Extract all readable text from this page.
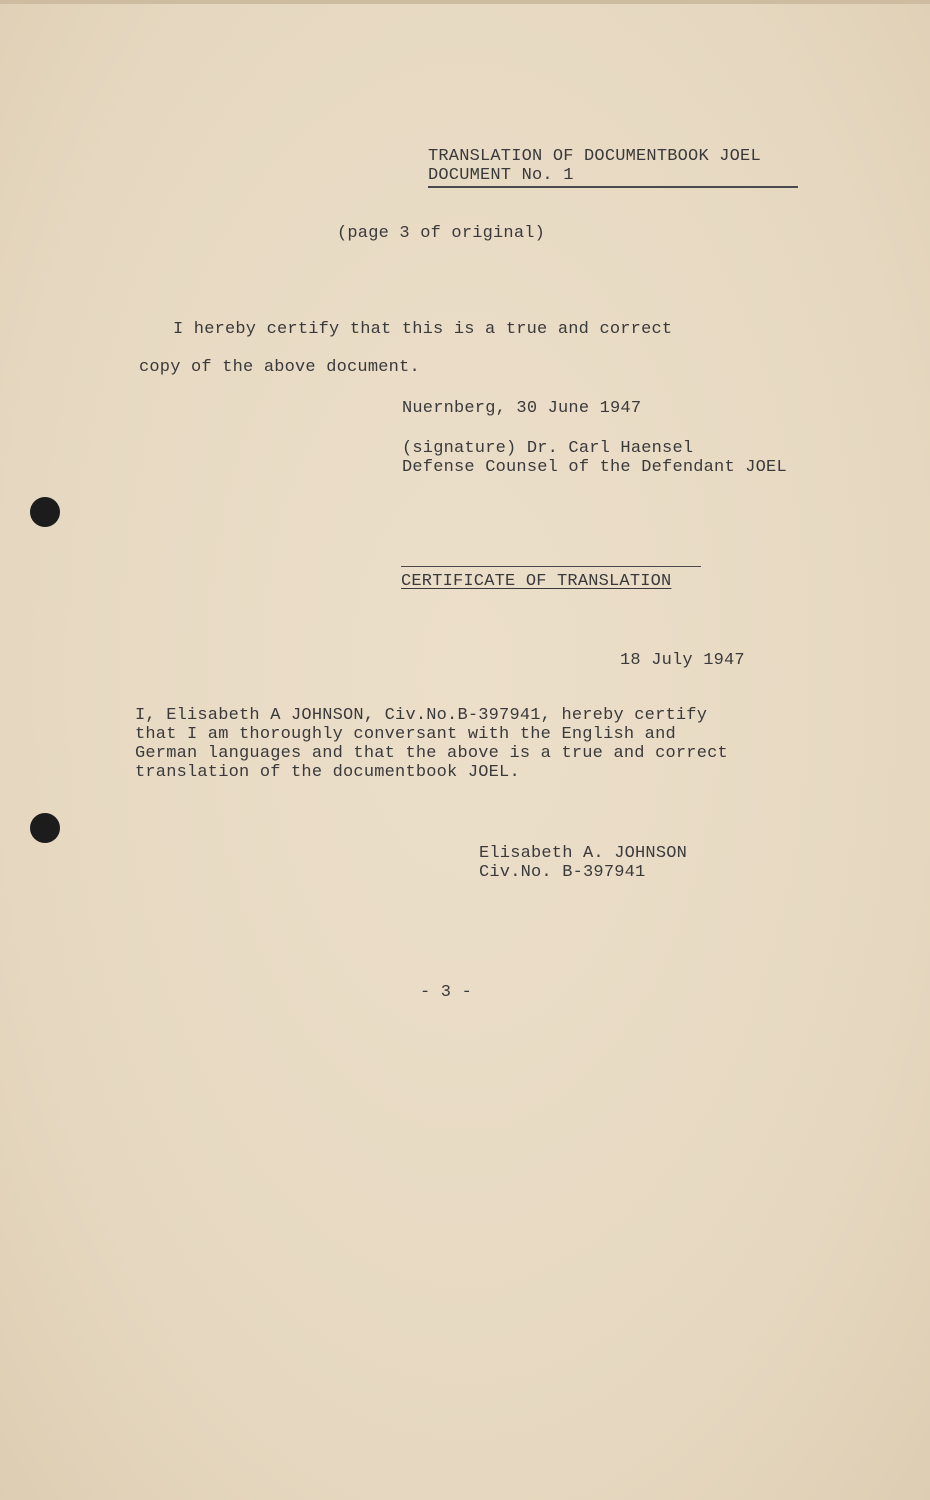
TRANSLATION OF DOCUMENTBOOK JOEL
DOCUMENT No. 1
(page 3 of original)
I hereby certify that this is a true and correct
copy of the above document.
Nuernberg, 30 June 1947
(signature) Dr. Carl Haensel
Defense Counsel of the Defendant JOEL
CERTIFICATE OF TRANSLATION
18 July 1947
I, Elisabeth A JOHNSON, Civ.No.B-397941, hereby certify
that I am thoroughly conversant with the English and
German languages and that the above is a true and correct
translation of the documentbook JOEL.
Elisabeth A. JOHNSON
Civ.No. B-397941
- 3 -
